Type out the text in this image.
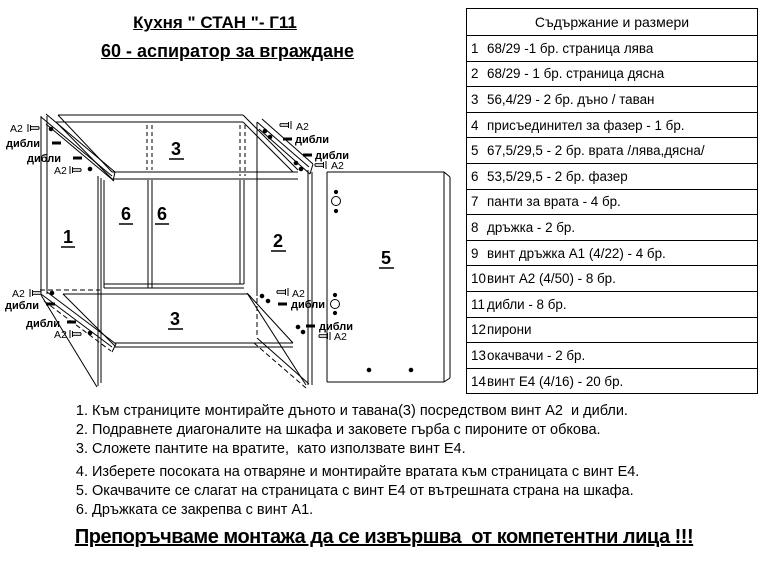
Кухня " СТАН "- Г11
60 - аспиратор за вграждане
1	2
3
3
5
6 6
A2
A2
A2
A2
A2
A2
A2
A2
дибли
дибли
дибли
дибли
дибли
дибли
дибли
дибли
Съдържание и размери
1 68/29 -1 бр. страница лява
2 68/29 - 1 бр. страница дясна
3 56,4/29 - 2 бр. дъно / таван
4 присъединител за фазер - 1 бр.
5 67,5/29,5 - 2 бр. врата /лява,дясна/
6 53,5/29,5 - 2 бр. фазер
7 панти за врата - 4 бр.
8 дръжка - 2 бр.
9 винт дръжка А1 (4/22) - 4 бр.
10 винт А2 (4/50) - 8 бр.
11 дибли - 8 бр.
12 пирони
13 окачвачи - 2 бр.
14 винт Е4 (4/16) - 20 бр.
1. Към страниците монтирайте дъното и тавана(3) посредством винт А2  и дибли.
2. Подравнете диагоналите на шкафа и заковете гърба с пироните от обкова.
3. Сложете пантите на вратите,  като използвате винт Е4.
4. Изберете посоката на отваряне и монтирайте вратата към страницата с винт Е4.
5. Окачвачите се слагат на страницата с винт Е4 от вътрешната страна на шкафа.
6. Дръжката се закрепва с винт А1.
Препоръчваме монтажа да се извършва  от компетентни лица !!!
